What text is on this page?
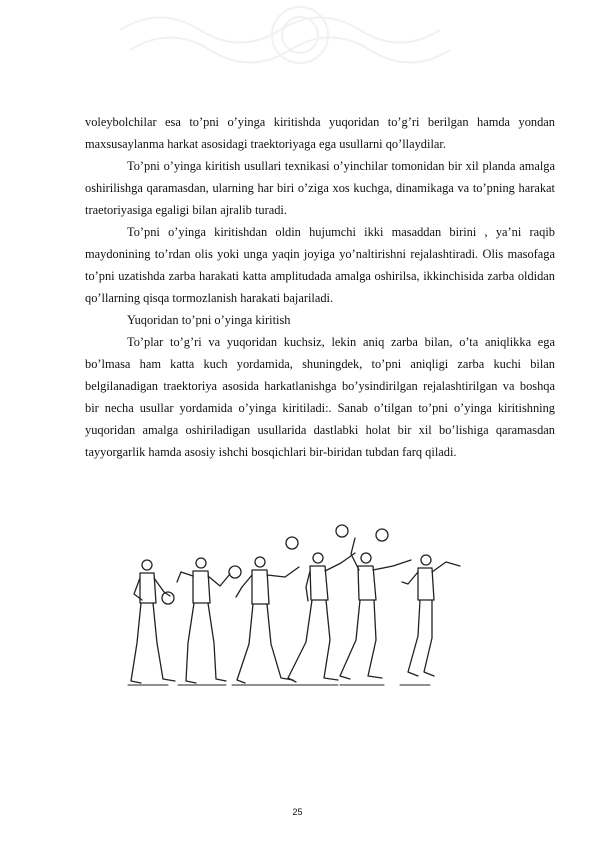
voleybolchilar esa to’pni o’yinga kiritishda yuqoridan to’g’ri berilgan hamda yondan maxsusaylanma harkat asosidagi traektoriyaga ega usullarni qo’llaydilar.

To’pni o’yinga kiritish usullari texnikasi o’yinchilar tomonidan bir xil planda amalga oshirilishga qaramasdan, ularning har biri o’ziga xos kuchga, dinamikaga va to’pning harakat traetoriyasiga egaligi bilan ajralib turadi.

To’pni o’yinga kiritishdan oldin hujumchi ikki masaddan birini , ya’ni raqib maydonining to’rdan olis yoki unga yaqin joyiga yo’naltirishni rejalashtiradi. Olis masofaga to’pni uzatishda zarba harakati katta amplitudada amalga oshirilsa, ikkinchisida zarba oldidan qo’llarning qisqa tormozlanish harakati bajariladi.

Yuqoridan to’pni o’yinga kiritish

To’plar to’g’ri va yuqoridan kuchsiz, lekin aniq zarba bilan, o’ta aniqlikka ega bo’lmasa ham katta kuch yordamida, shuningdek, to’pni aniqligi zarba kuchi bilan belgilanadigan traektoriya asosida harkatlanishga bo’ysindirilgan rejalashtirilgan va boshqa bir necha usullar yordamida o’yinga kiritiladi:. Sanab o’tilgan to’pni o’yinga kiritishning yuqoridan amalga oshiriladigan usullarida dastlabki holat bir xil bo’lishiga qaramasdan tayyorgarlik hamda asosiy ishchi bosqichlari bir-biridan tubdan farq qiladi.

25
